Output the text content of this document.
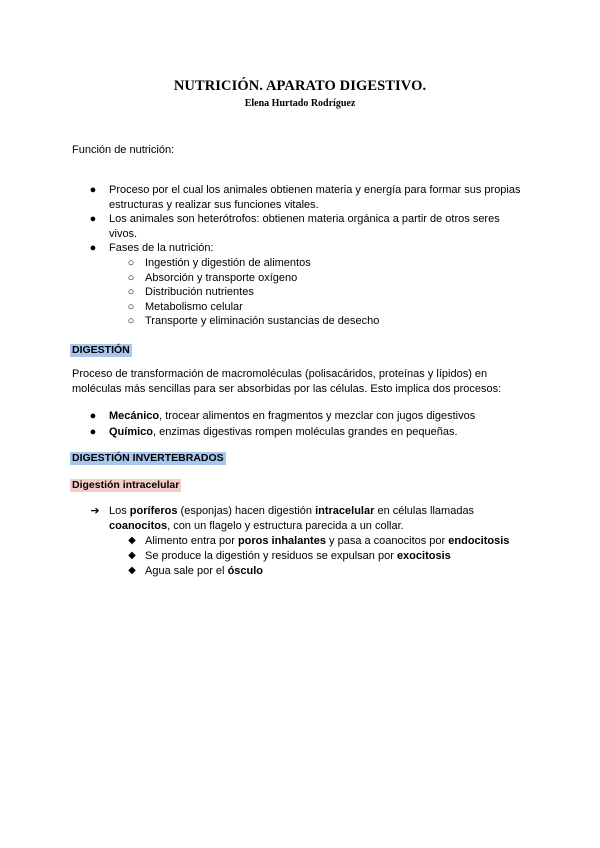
NUTRICIÓN. APARATO DIGESTIVO.
Elena Hurtado Rodríguez
Función de nutrición:
● Proceso por el cual los animales obtienen materia y energía para formar sus propias
estructuras y realizar sus funciones vitales.
● Los animales son heterótrofos: obtienen materia orgánica a partir de otros seres
vivos.
● Fases de la nutrición:
○ Ingestión y digestión de alimentos
○ Absorción y transporte oxígeno
○ Distribución nutrientes
○ Metabolismo celular
○ Transporte y eliminación sustancias de desecho
DIGESTIÓN
Proceso de transformación de macromoléculas (polisacáridos, proteínas y lípidos) en
moléculas más sencillas para ser absorbidas por las células. Esto implica dos procesos:
● Mecánico, trocear alimentos en fragmentos y mezclar con jugos digestivos
● Químico, enzimas digestivas rompen moléculas grandes en pequeñas.
DIGESTIÓN INVERTEBRADOS
Digestión intracelular
➔ Los poríferos (esponjas) hacen digestión intracelular en células llamadas
coanocitos, con un flagelo y estructura parecida a un collar.
◆ Alimento entra por poros inhalantes y pasa a coanocitos por endocitosis
◆ Se produce la digestión y residuos se expulsan por exocitosis
◆ Agua sale por el ósculo
